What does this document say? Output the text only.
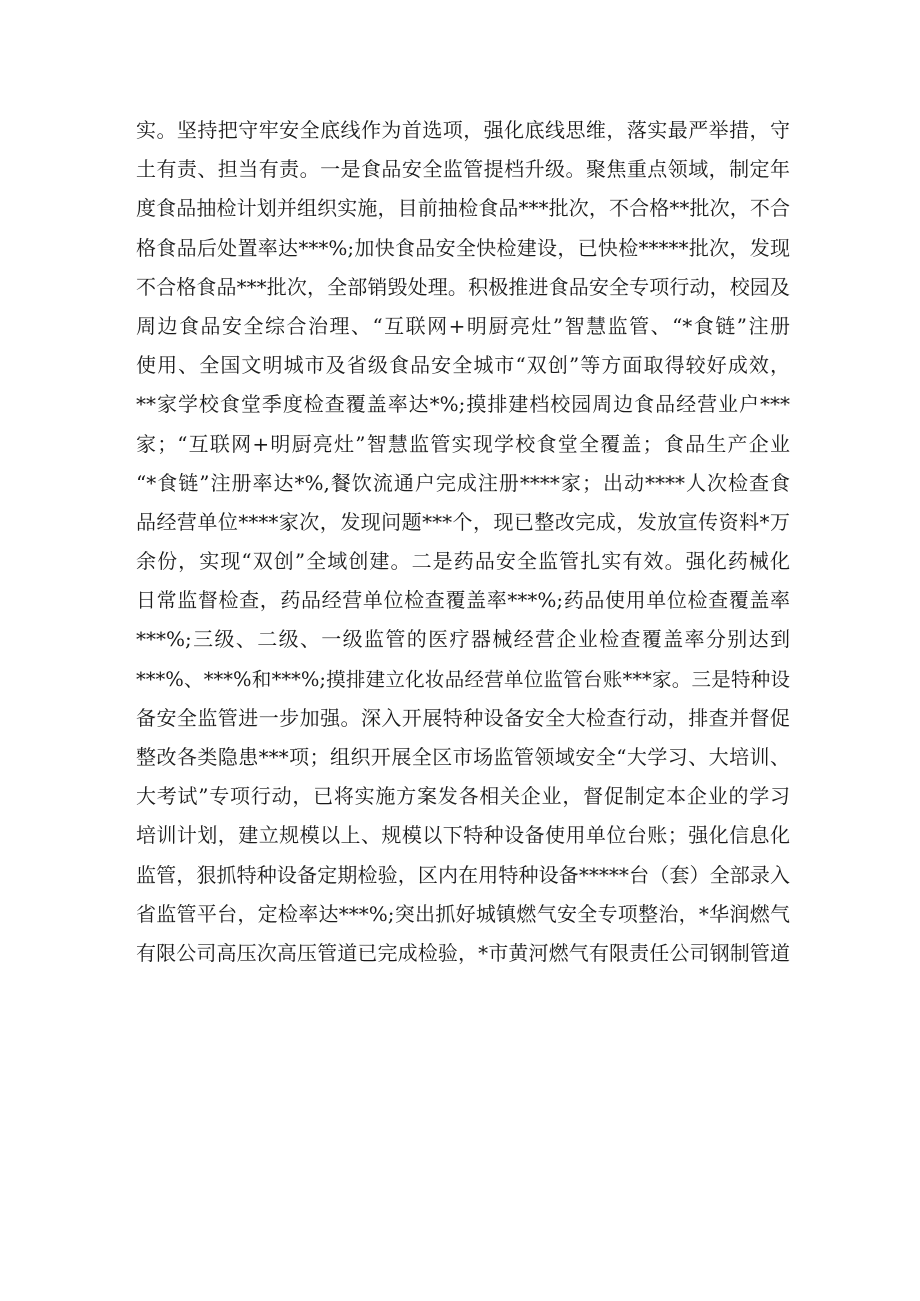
实。坚持把守牢安全底线作为首选项，强化底线思维，落实最严举措，守
土有责、担当有责。一是食品安全监管提档升级。聚焦重点领域，制定年
度食品抽检计划并组织实施，目前抽检食品***批次，不合格**批次，不合
格食品后处置率达***%;加快食品安全快检建设，已快检*****批次，发现
不合格食品***批次，全部销毁处理。积极推进食品安全专项行动，校园及
周边食品安全综合治理、“互联网+明厨亮灶”智慧监管、“*食链”注册
使用、全国文明城市及省级食品安全城市“双创”等方面取得较好成效，
**家学校食堂季度检查覆盖率达*%;摸排建档校园周边食品经营业户***
家；“互联网+明厨亮灶”智慧监管实现学校食堂全覆盖；食品生产企业
“*食链”注册率达*%,餐饮流通户完成注册****家；出动****人次检查食
品经营单位****家次，发现问题***个，现已整改完成，发放宣传资料*万
余份，实现“双创”全域创建。二是药品安全监管扎实有效。强化药械化
日常监督检查，药品经营单位检查覆盖率***%;药品使用单位检查覆盖率
***%;三级、二级、一级监管的医疗器械经营企业检查覆盖率分别达到
***%、***%和***%;摸排建立化妆品经营单位监管台账***家。三是特种设
备安全监管进一步加强。深入开展特种设备安全大检查行动，排查并督促
整改各类隐患***项；组织开展全区市场监管领域安全“大学习、大培训、
大考试”专项行动，已将实施方案发各相关企业，督促制定本企业的学习
培训计划，建立规模以上、规模以下特种设备使用单位台账；强化信息化
监管，狠抓特种设备定期检验，区内在用特种设备*****台（套）全部录入
省监管平台，定检率达***%;突出抓好城镇燃气安全专项整治，*华润燃气
有限公司高压次高压管道已完成检验，*市黄河燃气有限责任公司钢制管道
